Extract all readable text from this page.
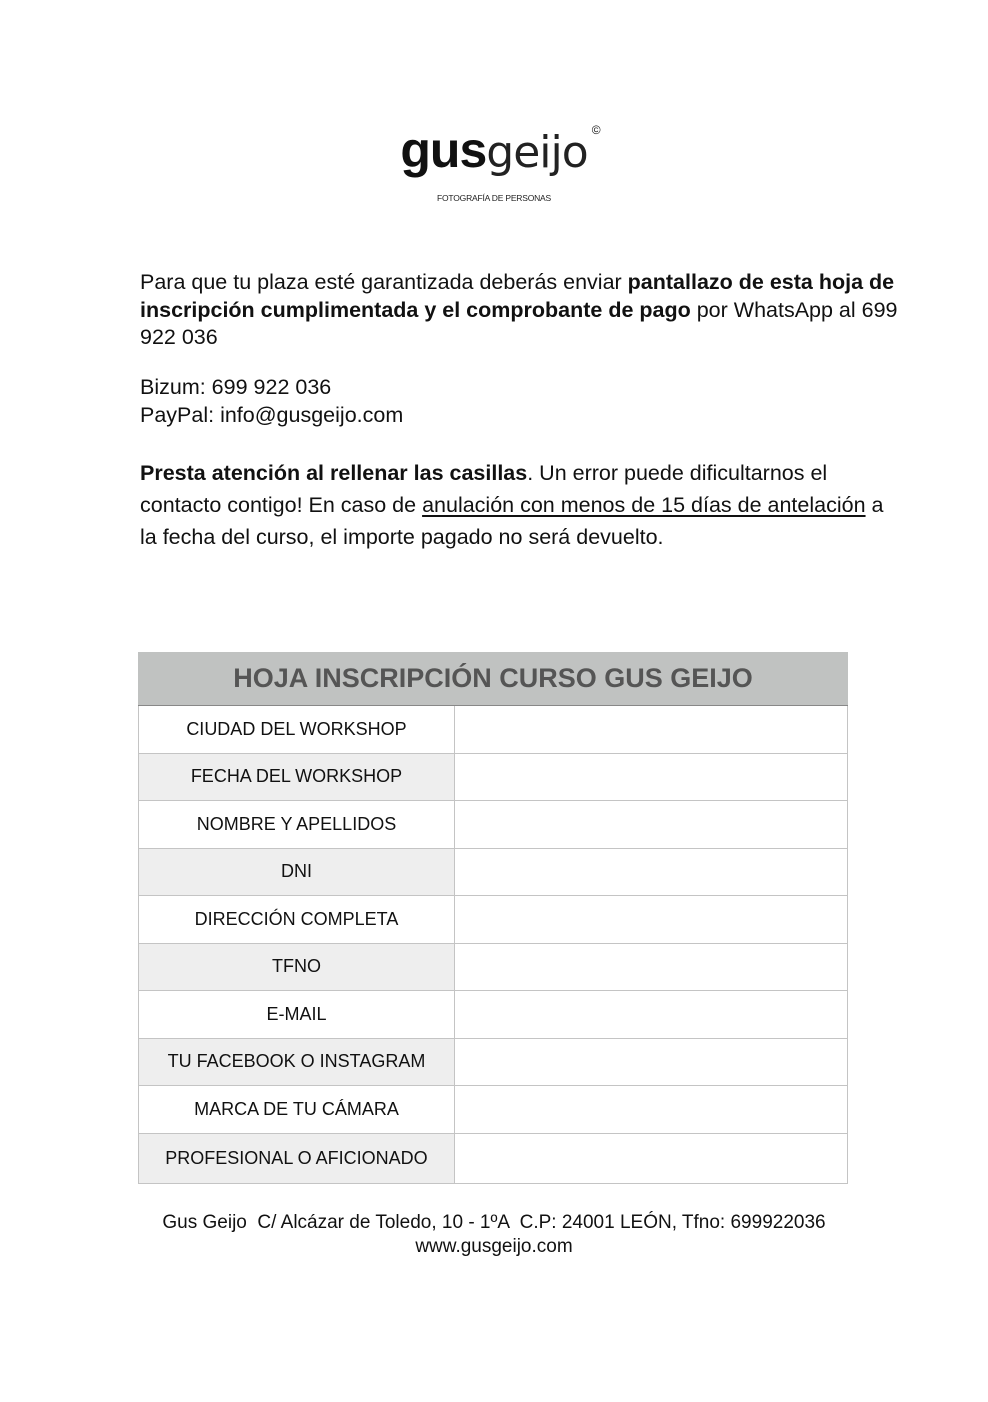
gusgeijo ©
FOTOGRAFÍA DE PERSONAS
Para que tu plaza esté garantizada deberás enviar pantallazo de esta hoja de inscripción cumplimentada y el comprobante de pago por WhatsApp al 699 922 036
Bizum: 699 922 036
PayPal: info@gusgeijo.com
Presta atención al rellenar las casillas. Un error puede dificultarnos el contacto contigo! En caso de anulación con menos de 15 días de antelación a la fecha del curso, el importe pagado no será devuelto.
HOJA INSCRIPCIÓN CURSO GUS GEIJO
CIUDAD DEL WORKSHOP
FECHA DEL WORKSHOP
NOMBRE Y APELLIDOS
DNI
DIRECCIÓN COMPLETA
TFNO
E-MAIL
TU FACEBOOK O INSTAGRAM
MARCA DE TU CÁMARA
PROFESIONAL O AFICIONADO
Gus Geijo  C/ Alcázar de Toledo, 10 - 1ºA  C.P: 24001 LEÓN, Tfno: 699922036
www.gusgeijo.com
